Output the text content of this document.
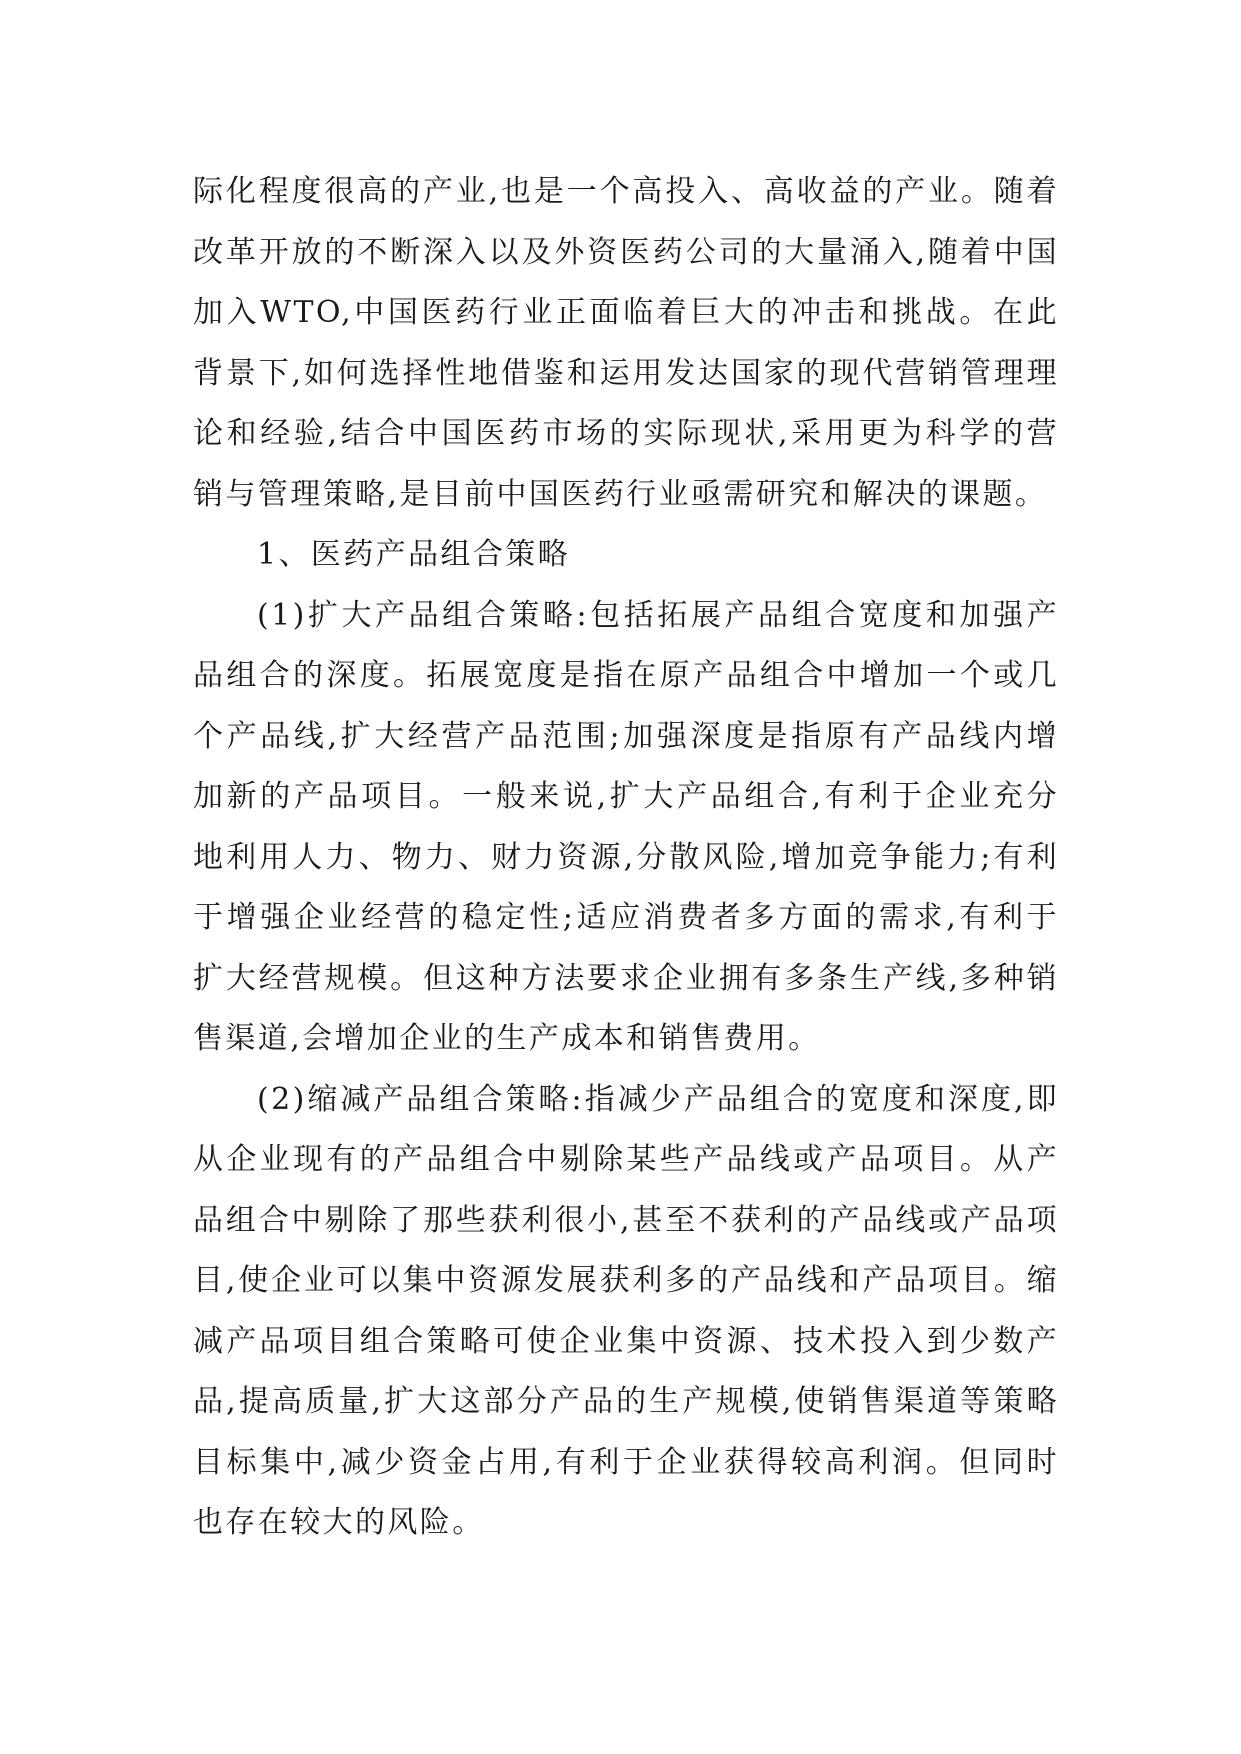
际化程度很高的产业,也是一个高投入、高收益的产业。随着改革开放的不断深入以及外资医药公司的大量涌入,随着中国加入WTO,中国医药行业正面临着巨大的冲击和挑战。在此背景下,如何选择性地借鉴和运用发达国家的现代营销管理理论和经验,结合中国医药市场的实际现状,采用更为科学的营销与管理策略,是目前中国医药行业亟需研究和解决的课题。

1、医药产品组合策略

(1)扩大产品组合策略:包括拓展产品组合宽度和加强产品组合的深度。拓展宽度是指在原产品组合中增加一个或几个产品线,扩大经营产品范围;加强深度是指原有产品线内增加新的产品项目。一般来说,扩大产品组合,有利于企业充分地利用人力、物力、财力资源,分散风险,增加竞争能力;有利于增强企业经营的稳定性;适应消费者多方面的需求,有利于扩大经营规模。但这种方法要求企业拥有多条生产线,多种销售渠道,会增加企业的生产成本和销售费用。

(2)缩减产品组合策略:指减少产品组合的宽度和深度,即从企业现有的产品组合中剔除某些产品线或产品项目。从产品组合中剔除了那些获利很小,甚至不获利的产品线或产品项目,使企业可以集中资源发展获利多的产品线和产品项目。缩减产品项目组合策略可使企业集中资源、技术投入到少数产品,提高质量,扩大这部分产品的生产规模,使销售渠道等策略目标集中,减少资金占用,有利于企业获得较高利润。但同时也存在较大的风险。
